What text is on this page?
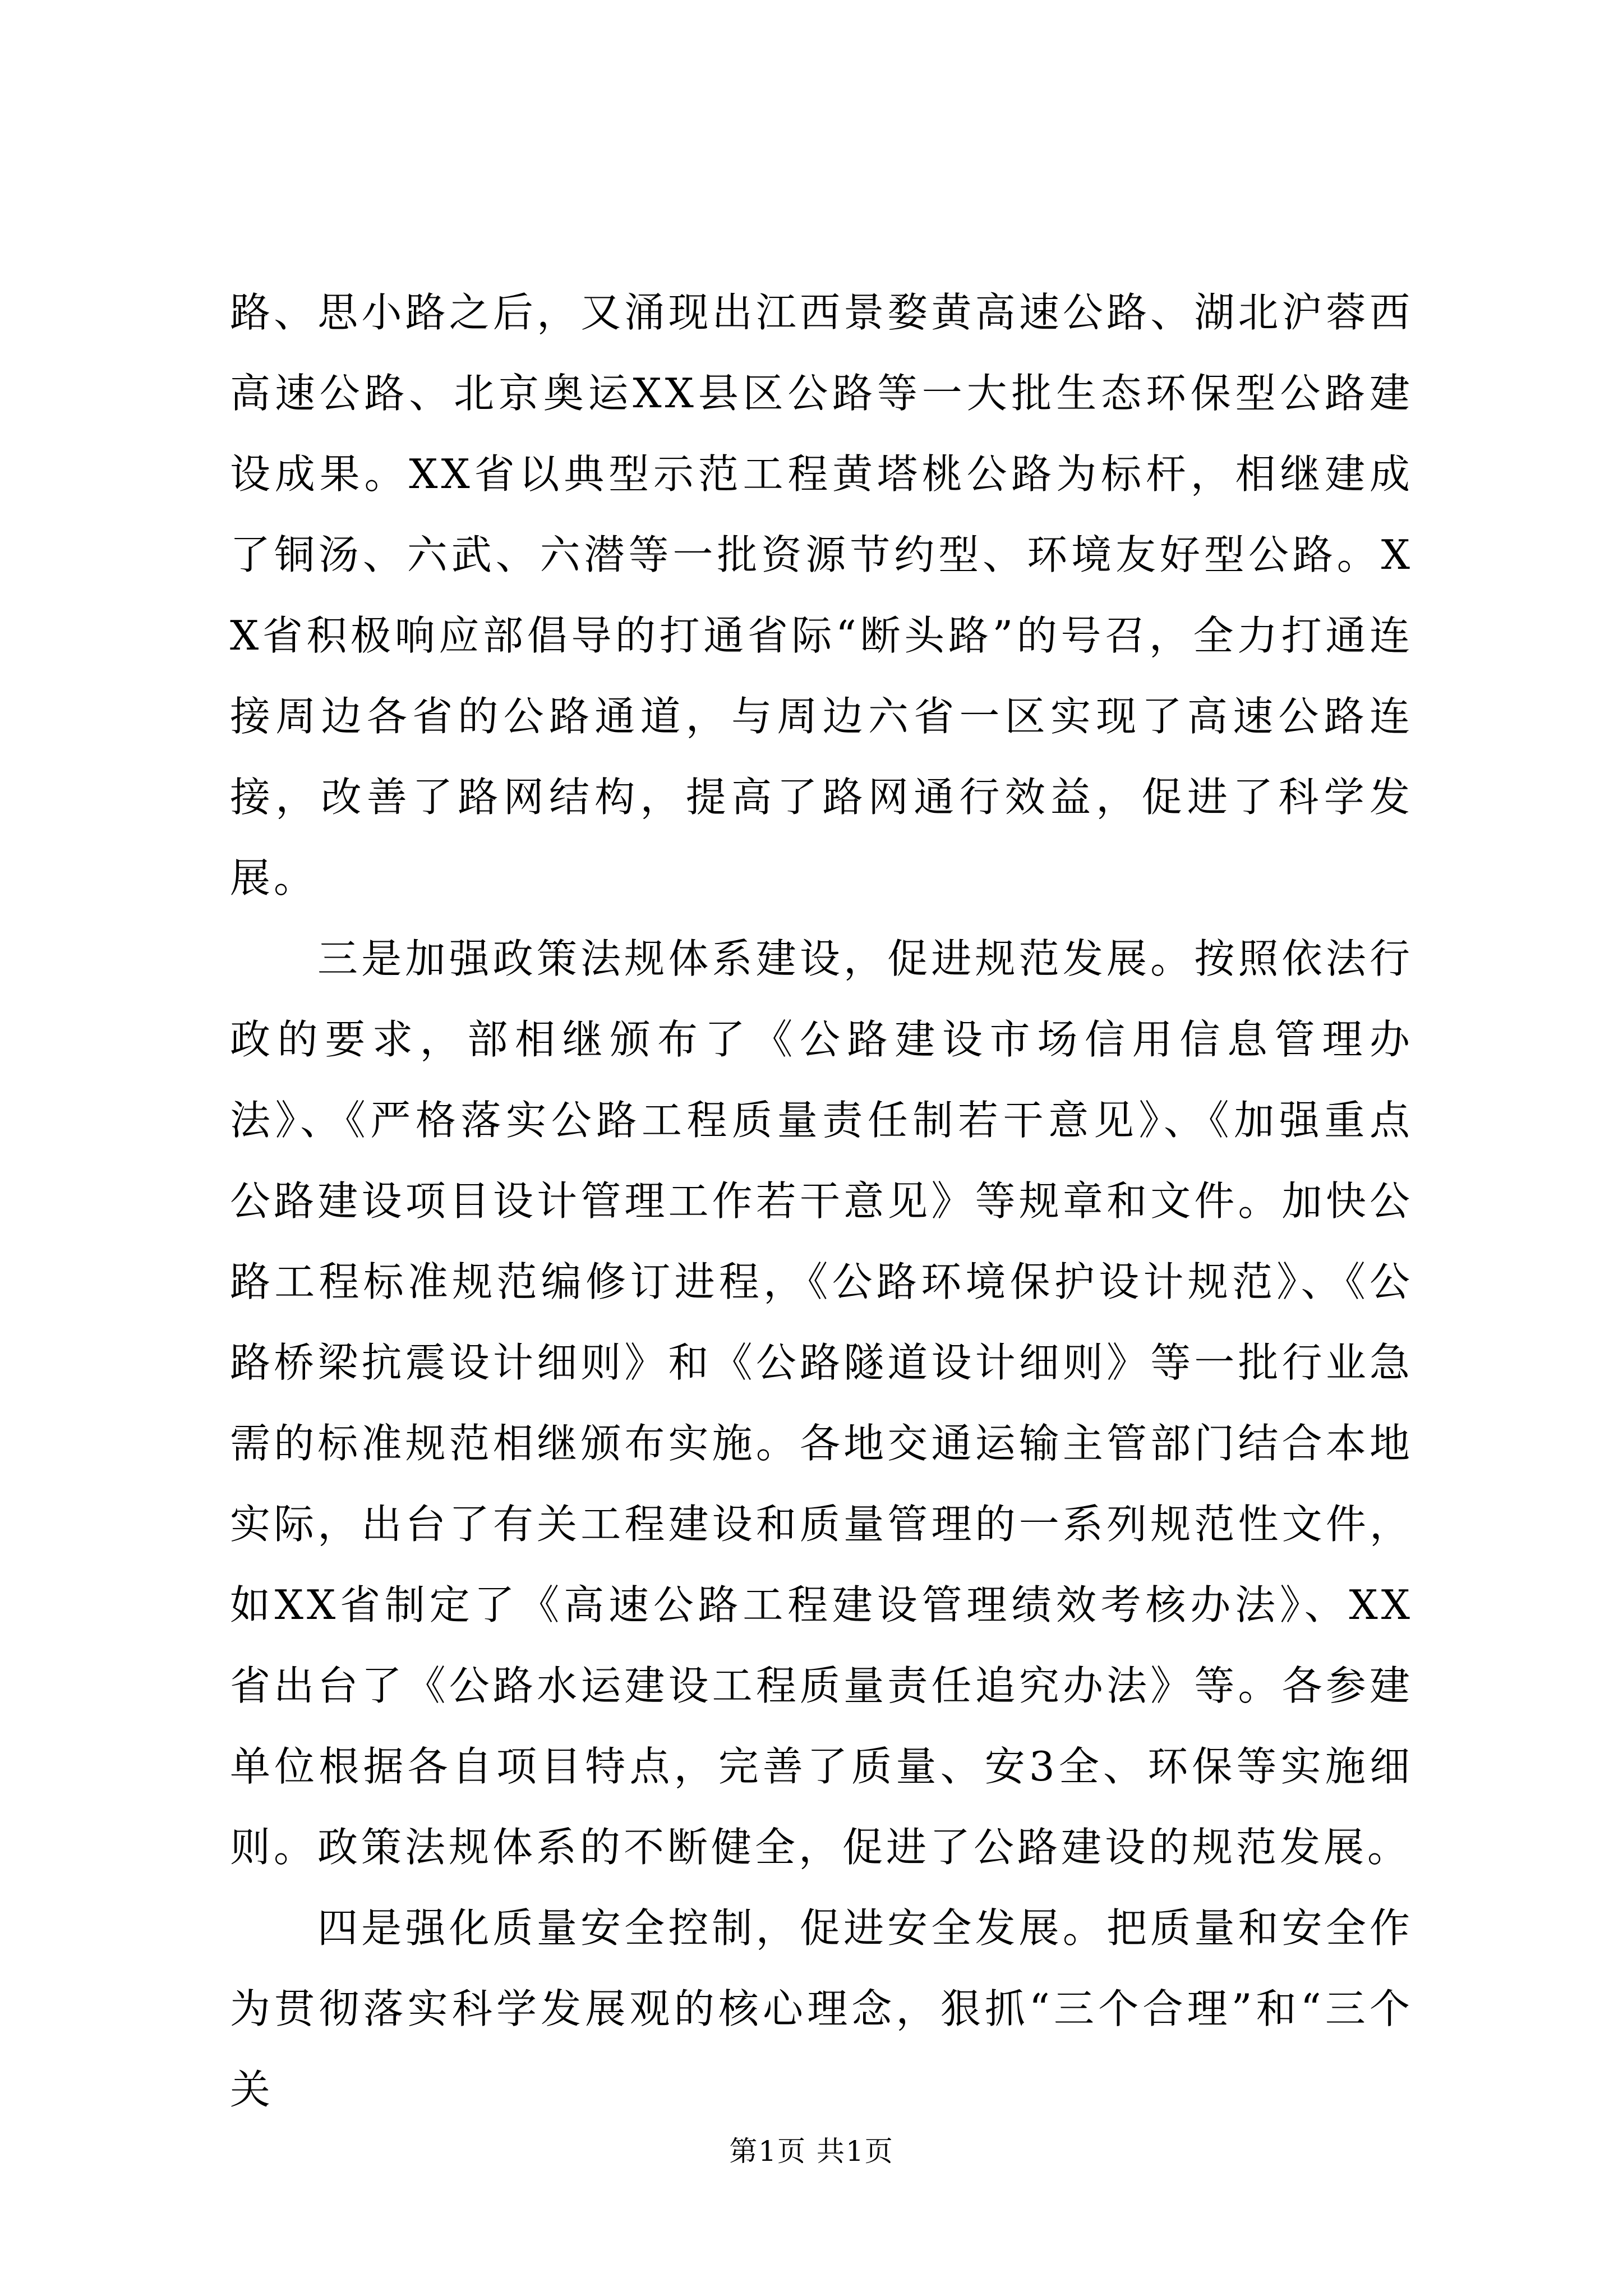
路、思小路之后，又涌现出江西景婺黄高速公路、湖北沪蓉西高速公路、北京奥运XX县区公路等一大批生态环保型公路建设成果。XX省以典型示范工程黄塔桃公路为标杆，相继建成了铜汤、六武、六潜等一批资源节约型、环境友好型公路。XX省积极响应部倡导的打通省际“断头路”的号召，全力打通连接周边各省的公路通道，与周边六省一区实现了高速公路连接，改善了路网结构，提高了路网通行效益，促进了科学发展。

三是加强政策法规体系建设，促进规范发展。按照依法行政的要求，部相继颁布了《公路建设市场信用信息管理办法》、《严格落实公路工程质量责任制若干意见》、《加强重点公路建设项目设计管理工作若干意见》等规章和文件。加快公路工程标准规范编修订进程，《公路环境保护设计规范》、《公路桥梁抗震设计细则》和《公路隧道设计细则》等一批行业急需的标准规范相继颁布实施。各地交通运输主管部门结合本地实际，出台了有关工程建设和质量管理的一系列规范性文件，如XX省制定了《高速公路工程建设管理绩效考核办法》、XX省出台了《公路水运建设工程质量责任追究办法》等。各参建单位根据各自项目特点，完善了质量、安3全、环保等实施细则。政策法规体系的不断健全，促进了公路建设的规范发展。

四是强化质量安全控制，促进安全发展。把质量和安全作为贯彻落实科学发展观的核心理念，狠抓“三个合理”和“三个关

第1页 共1页
